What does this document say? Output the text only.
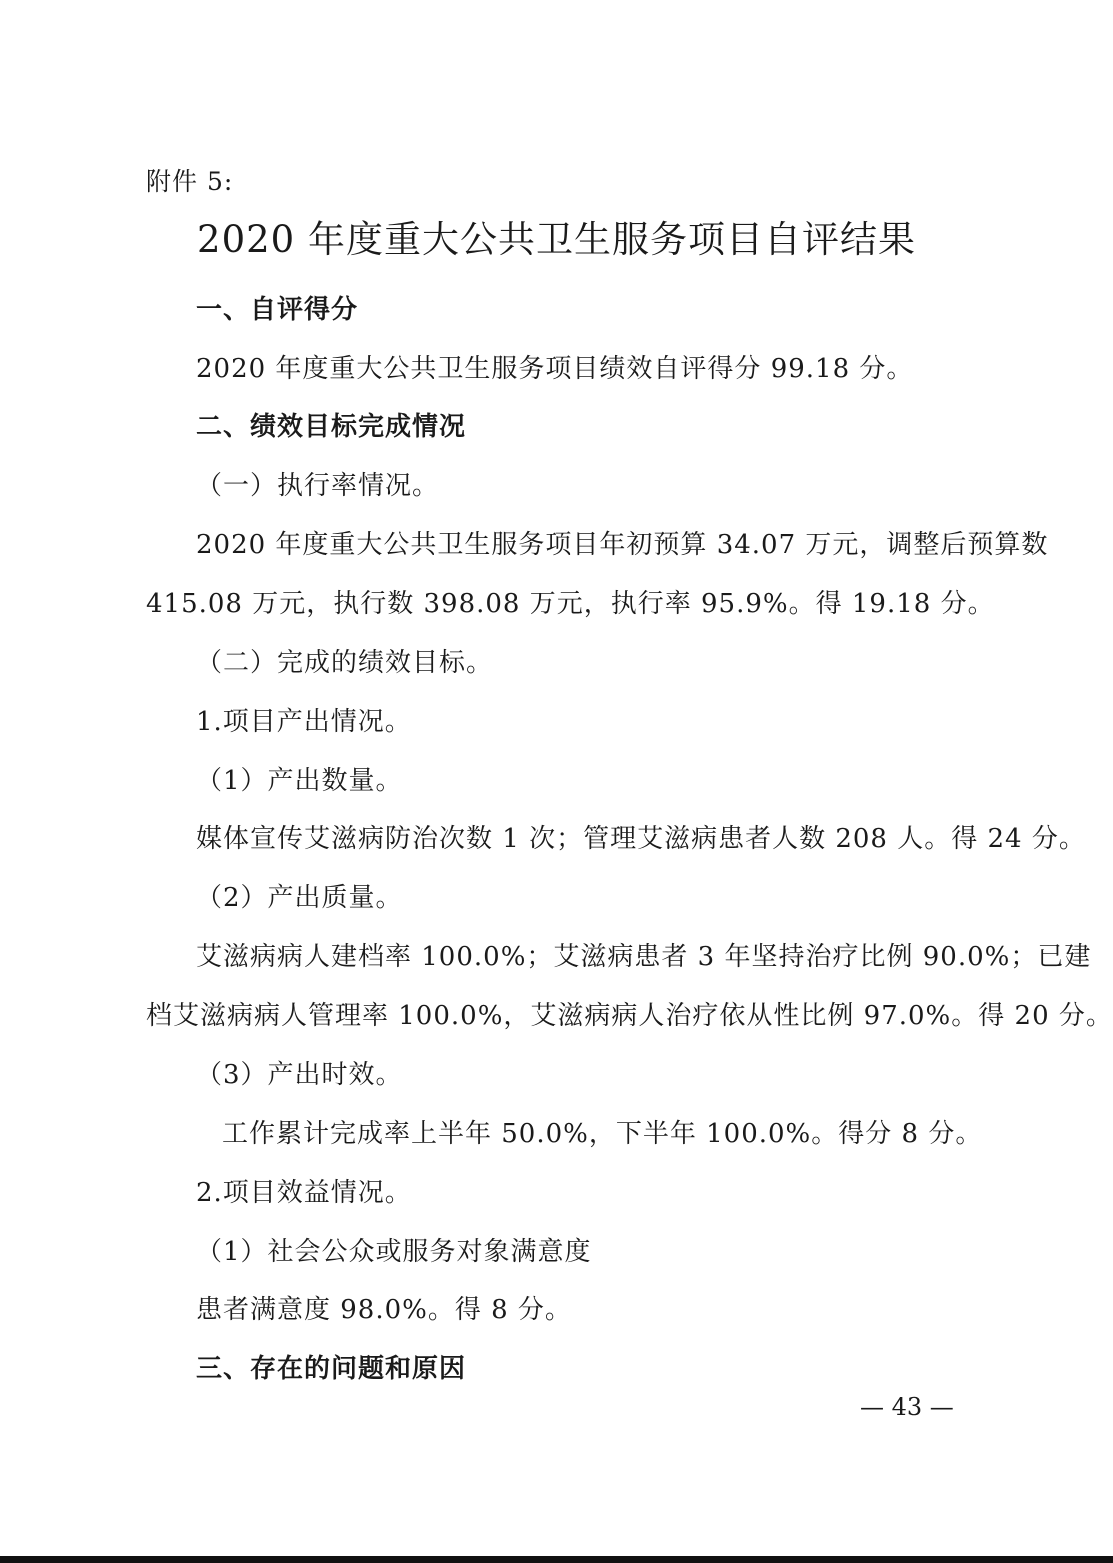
附件 5:
2020 年度重大公共卫生服务项目自评结果
一、自评得分
2020 年度重大公共卫生服务项目绩效自评得分 99.18 分。
二、绩效目标完成情况
（一）执行率情况。
2020 年度重大公共卫生服务项目年初预算 34.07 万元，调整后预算数
415.08 万元，执行数 398.08 万元，执行率 95.9%。得 19.18 分。
（二）完成的绩效目标。
1.项目产出情况。
（1）产出数量。
媒体宣传艾滋病防治次数 1 次；管理艾滋病患者人数 208 人。得 24 分。
（2）产出质量。
艾滋病病人建档率 100.0%；艾滋病患者 3 年坚持治疗比例 90.0%；已建
档艾滋病病人管理率 100.0%，艾滋病病人治疗依从性比例 97.0%。得 20 分。
（3）产出时效。
工作累计完成率上半年 50.0%，下半年 100.0%。得分 8 分。
2.项目效益情况。
（1）社会公众或服务对象满意度
患者满意度 98.0%。得 8 分。
三、存在的问题和原因
— 43 —
